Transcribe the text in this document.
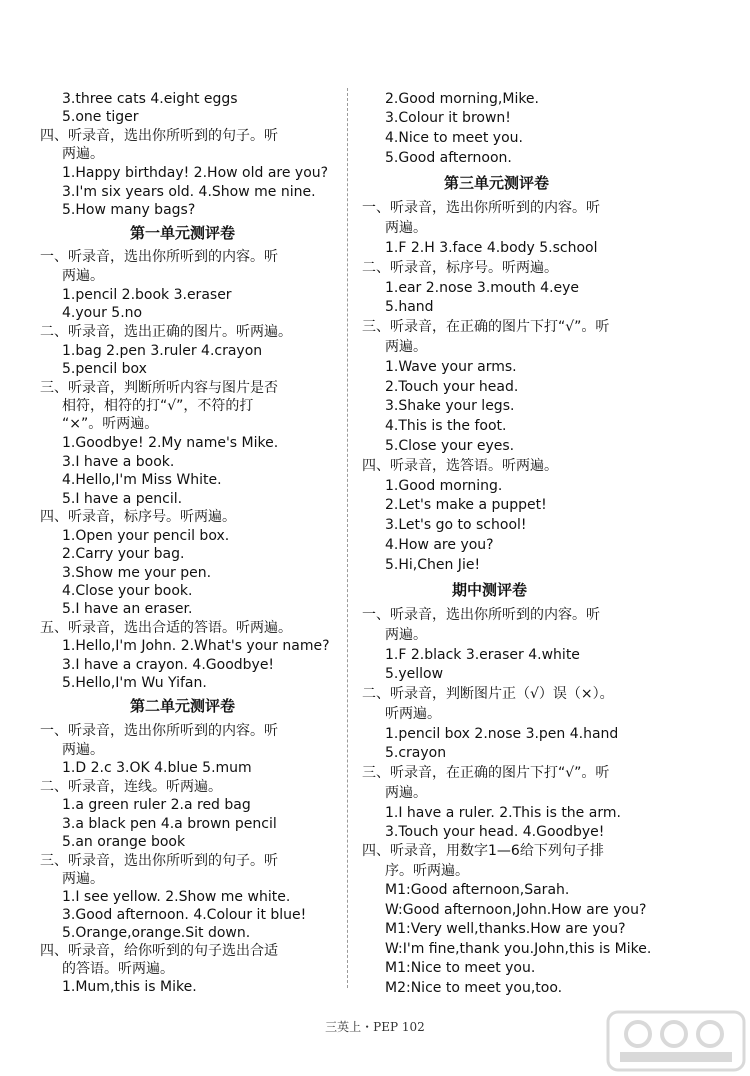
3.three cats 4.eight eggs
5.one tiger
四、听录音，选出你所听到的句子。听
两遍。
1.Happy birthday! 2.How old are you?
3.I'm six years old. 4.Show me nine.
5.How many bags?
第一单元测评卷
一、听录音，选出你所听到的内容。听
两遍。
1.pencil 2.book 3.eraser
4.your 5.no
二、听录音，选出正确的图片。听两遍。
1.bag 2.pen 3.ruler 4.crayon
5.pencil box
三、听录音，判断所听内容与图片是否
相符，相符的打“√”，不符的打
“×”。听两遍。
1.Goodbye! 2.My name's Mike.
3.I have a book.
4.Hello,I'm Miss White.
5.I have a pencil.
四、听录音，标序号。听两遍。
1.Open your pencil box.
2.Carry your bag.
3.Show me your pen.
4.Close your book.
5.I have an eraser.
五、听录音，选出合适的答语。听两遍。
1.Hello,I'm John. 2.What's your name?
3.I have a crayon. 4.Goodbye!
5.Hello,I'm Wu Yifan.
第二单元测评卷
一、听录音，选出你所听到的内容。听
两遍。
1.D 2.c 3.OK 4.blue 5.mum
二、听录音，连线。听两遍。
1.a green ruler 2.a red bag
3.a black pen 4.a brown pencil
5.an orange book
三、听录音，选出你所听到的句子。听
两遍。
1.I see yellow. 2.Show me white.
3.Good afternoon. 4.Colour it blue!
5.Orange,orange.Sit down.
四、听录音，给你听到的句子选出合适
的答语。听两遍。
1.Mum,this is Mike.
2.Good morning,Mike.
3.Colour it brown!
4.Nice to meet you.
5.Good afternoon.
第三单元测评卷
一、听录音，选出你所听到的内容。听
两遍。
1.F 2.H 3.face 4.body 5.school
二、听录音，标序号。听两遍。
1.ear 2.nose 3.mouth 4.eye
5.hand
三、听录音，在正确的图片下打“√”。听
两遍。
1.Wave your arms.
2.Touch your head.
3.Shake your legs.
4.This is the foot.
5.Close your eyes.
四、听录音，选答语。听两遍。
1.Good morning.
2.Let's make a puppet!
3.Let's go to school!
4.How are you?
5.Hi,Chen Jie!
期中测评卷
一、听录音，选出你所听到的内容。听
两遍。
1.F 2.black 3.eraser 4.white
5.yellow
二、听录音，判断图片正（√）误（×）。
听两遍。
1.pencil box 2.nose 3.pen 4.hand
5.crayon
三、听录音，在正确的图片下打“√”。听
两遍。
1.I have a ruler. 2.This is the arm.
3.Touch your head. 4.Goodbye!
四、听录音，用数字1—6给下列句子排
序。听两遍。
M1:Good afternoon,Sarah.
W:Good afternoon,John.How are you?
M1:Very well,thanks.How are you?
W:I'm fine,thank you.John,this is Mike.
M1:Nice to meet you.
M2:Nice to meet you,too.
三英上・PEP 102
